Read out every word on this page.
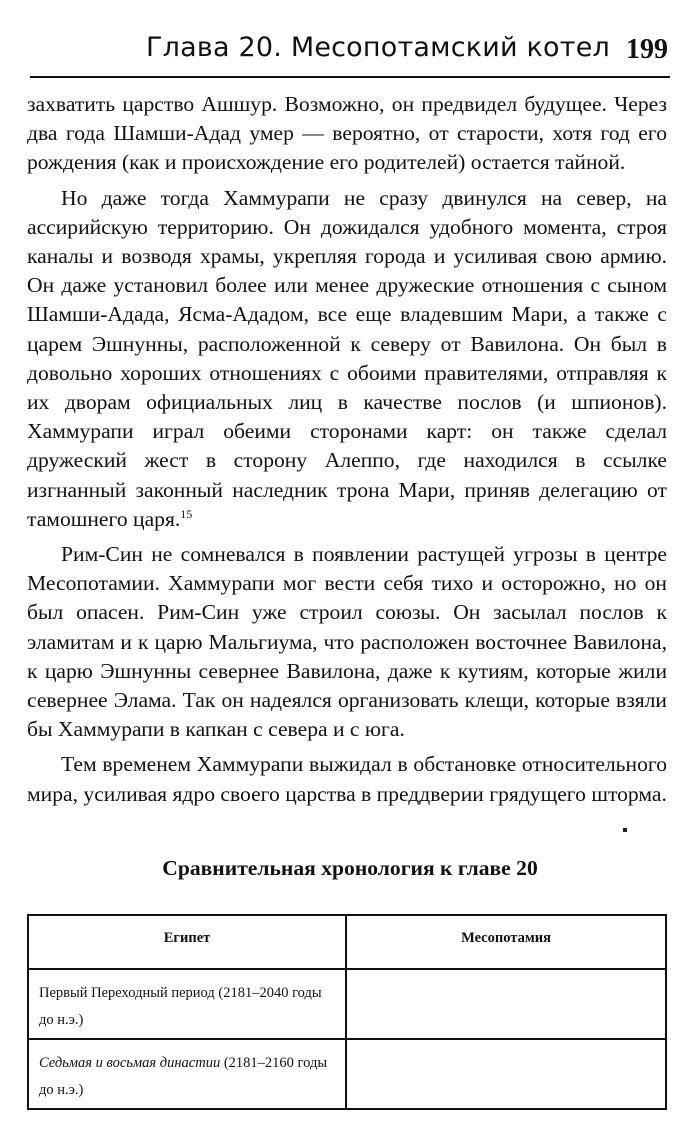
Глава 20. Месопотамский котел 199

захватить царство Ашшур. Возможно, он предвидел будущее. Через два года Шамши-Адад умер — вероятно, от старости, хотя год его рождения (как и происхождение его родителей) остается тайной.

Но даже тогда Хаммурапи не сразу двинулся на север, на ассирийскую территорию. Он дожидался удобного момента, строя каналы и возводя храмы, укрепляя города и усиливая свою армию. Он даже установил более или менее дружеские отношения с сыном Шамши-Адада, Ясма-Ададом, все еще владевшим Мари, а также с царем Эшнунны, расположенной к северу от Вавилона. Он был в довольно хороших отношениях с обоими правителями, отправляя к их дворам официальных лиц в качестве послов (и шпионов). Хаммурапи играл обеими сторонами карт: он также сделал дружеский жест в сторону Алеппо, где находился в ссылке изгнанный законный наследник трона Мари, приняв делегацию от тамошнего царя.$^{15}$

Рим-Син не сомневался в появлении растущей угрозы в центре Месопотамии. Хаммурапи мог вести себя тихо и осторожно, но он был опасен. Рим-Син уже строил союзы. Он засылал послов к эламитам и к царю Мальгиума, что расположен восточнее Вавилона, к царю Эшнунны севернее Вавилона, даже к кутиям, которые жили севернее Элама. Так он надеялся организовать клещи, которые взяли бы Хаммурапи в капкан с севера и с юга.

Тем временем Хаммурапи выжидал в обстановке относительного мира, усиливая ядро своего царства в преддверии грядущего шторма.

Сравнительная хронология к главе 20
Египет	Месопотамия
Первый Переходный период (2181–2040 годы до н.э.)	
Седьмая и восьмая династии (2181–2160 годы до н.э.)	
